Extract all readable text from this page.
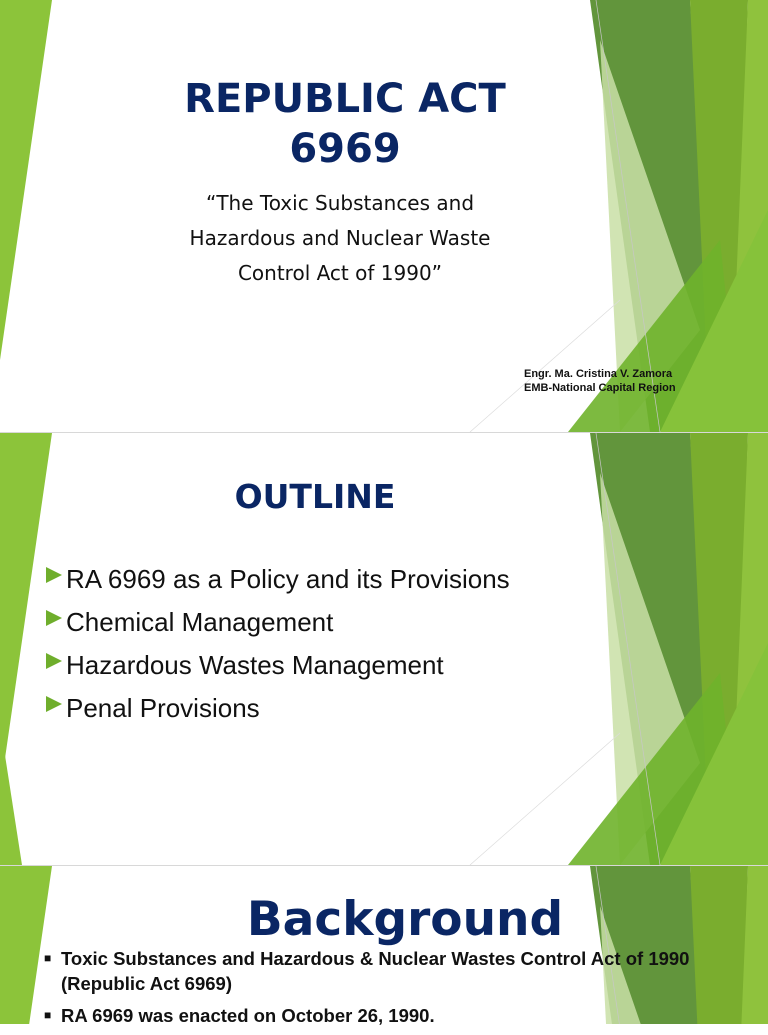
REPUBLIC ACT
6969

“The Toxic Substances and
Hazardous and Nuclear Waste
Control Act of 1990”

Engr. Ma. Cristina V. Zamora
EMB-National Capital Region
OUTLINE
RA 6969 as a Policy and its Provisions
Chemical Management
Hazardous Wastes Management
Penal Provisions
Background
■ Toxic Substances and Hazardous & Nuclear Wastes Control Act of 1990 (Republic Act 6969)
■ RA 6969 was enacted on October 26, 1990.
